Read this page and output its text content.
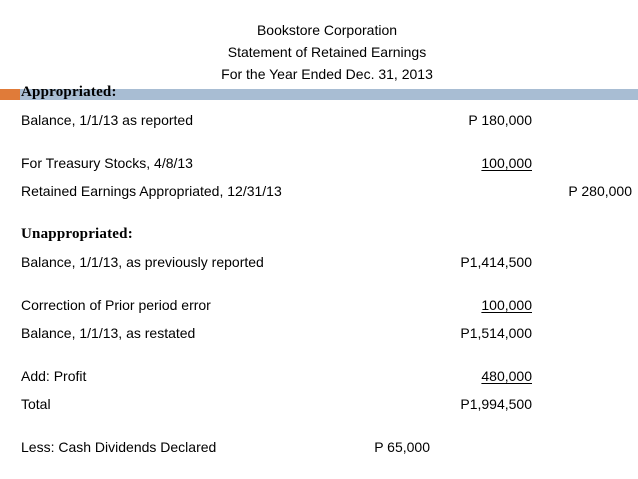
Bookstore Corporation
Statement of Retained Earnings
For the Year Ended Dec. 31, 2013
Appropriated:
Balance, 1/1/13 as reported	P 180,000
For Treasury Stocks, 4/8/13	100,000
Retained Earnings Appropriated, 12/31/13	P 280,000
Unappropriated:
Balance, 1/1/13, as previously reported	P1,414,500
Correction of Prior period error	100,000
Balance, 1/1/13, as restated	P1,514,000
Add: Profit	480,000
Total	P1,994,500
Less: Cash Dividends Declared	P 65,000
